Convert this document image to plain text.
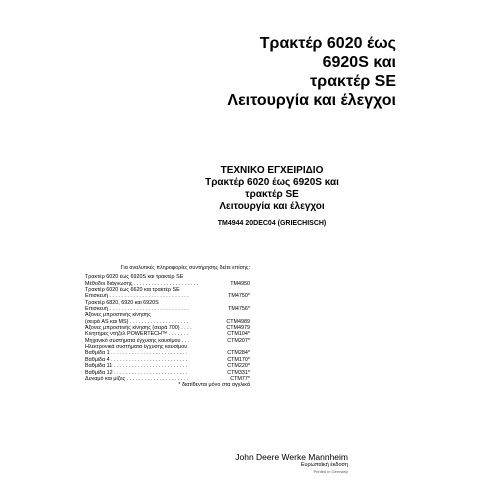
Τρακτέρ 6020 έως
6920S και
τρακτέρ SE
Λειτουργία και έλεγχοι
ΤΕΧΝΙΚΟ ΕΓΧΕΙΡΙΔΙΟ
Τρακτέρ 6020 έως 6920S και
τρακτέρ SE
Λειτουργία και έλεγχοι
TM4944 20DEC04 (GRIECHISCH)
Για αναλυτικές πληροφορίες συντήρησης δείτε επίσης:
Τρακτέρ 6020 έως 6920S και τρακτέρ SE
Μέθοδοι διάγνωσης . . . . . . . . . . . . . . . . . . . . . .	TM4950
Τρακτέρ 6020 έως 6620 και τρακτέρ SE
Επισκευή . . . . . . . . . . . . . . . . . . . . . . . . . . .	TM4750*
Τρακτέρ 6820, 6920 και 6920S
Επισκευή . . . . . . . . . . . . . . . . . . . . . . . . . . .	TM4756*
Άξονες μπροστινής κίνησης
(σειρά AS και MS) . . . . . . . . . . . . . . . . . . . .	CTM4989
Άξονες μπροστινής κίνησης (σειρά 700) . . . .	CTM4979
Κινητήρες ντήζελ POWERTECH™ . . . . . . .	CTM104*
Μηχανικό συστήματα έγχυσης καυσίμου . . .	CTM207*
Ηλεκτρονικά συστήματα έγχυσης καυσίμου
Βαθμίδα 1 . . . . . . . . . . . . . . . . . . . . . . . . . .	CTM284*
Βαθμίδα 4 . . . . . . . . . . . . . . . . . . . . . . . . . .	CTM170*
Βαθμίδα 11 . . . . . . . . . . . . . . . . . . . . . . . . .	CTM220*
Βαθμίδα 12 . . . . . . . . . . . . . . . . . . . . . . . . .	CTM331*
Δυναμό και μίζες . . . . . . . . . . . . . . . . . . . . .	CTM77*
* διατίθενται μόνο στα αγγλικά
John Deere Werke Mannheim
Ευρωπαϊκή έκδοση
Printed in Germany
